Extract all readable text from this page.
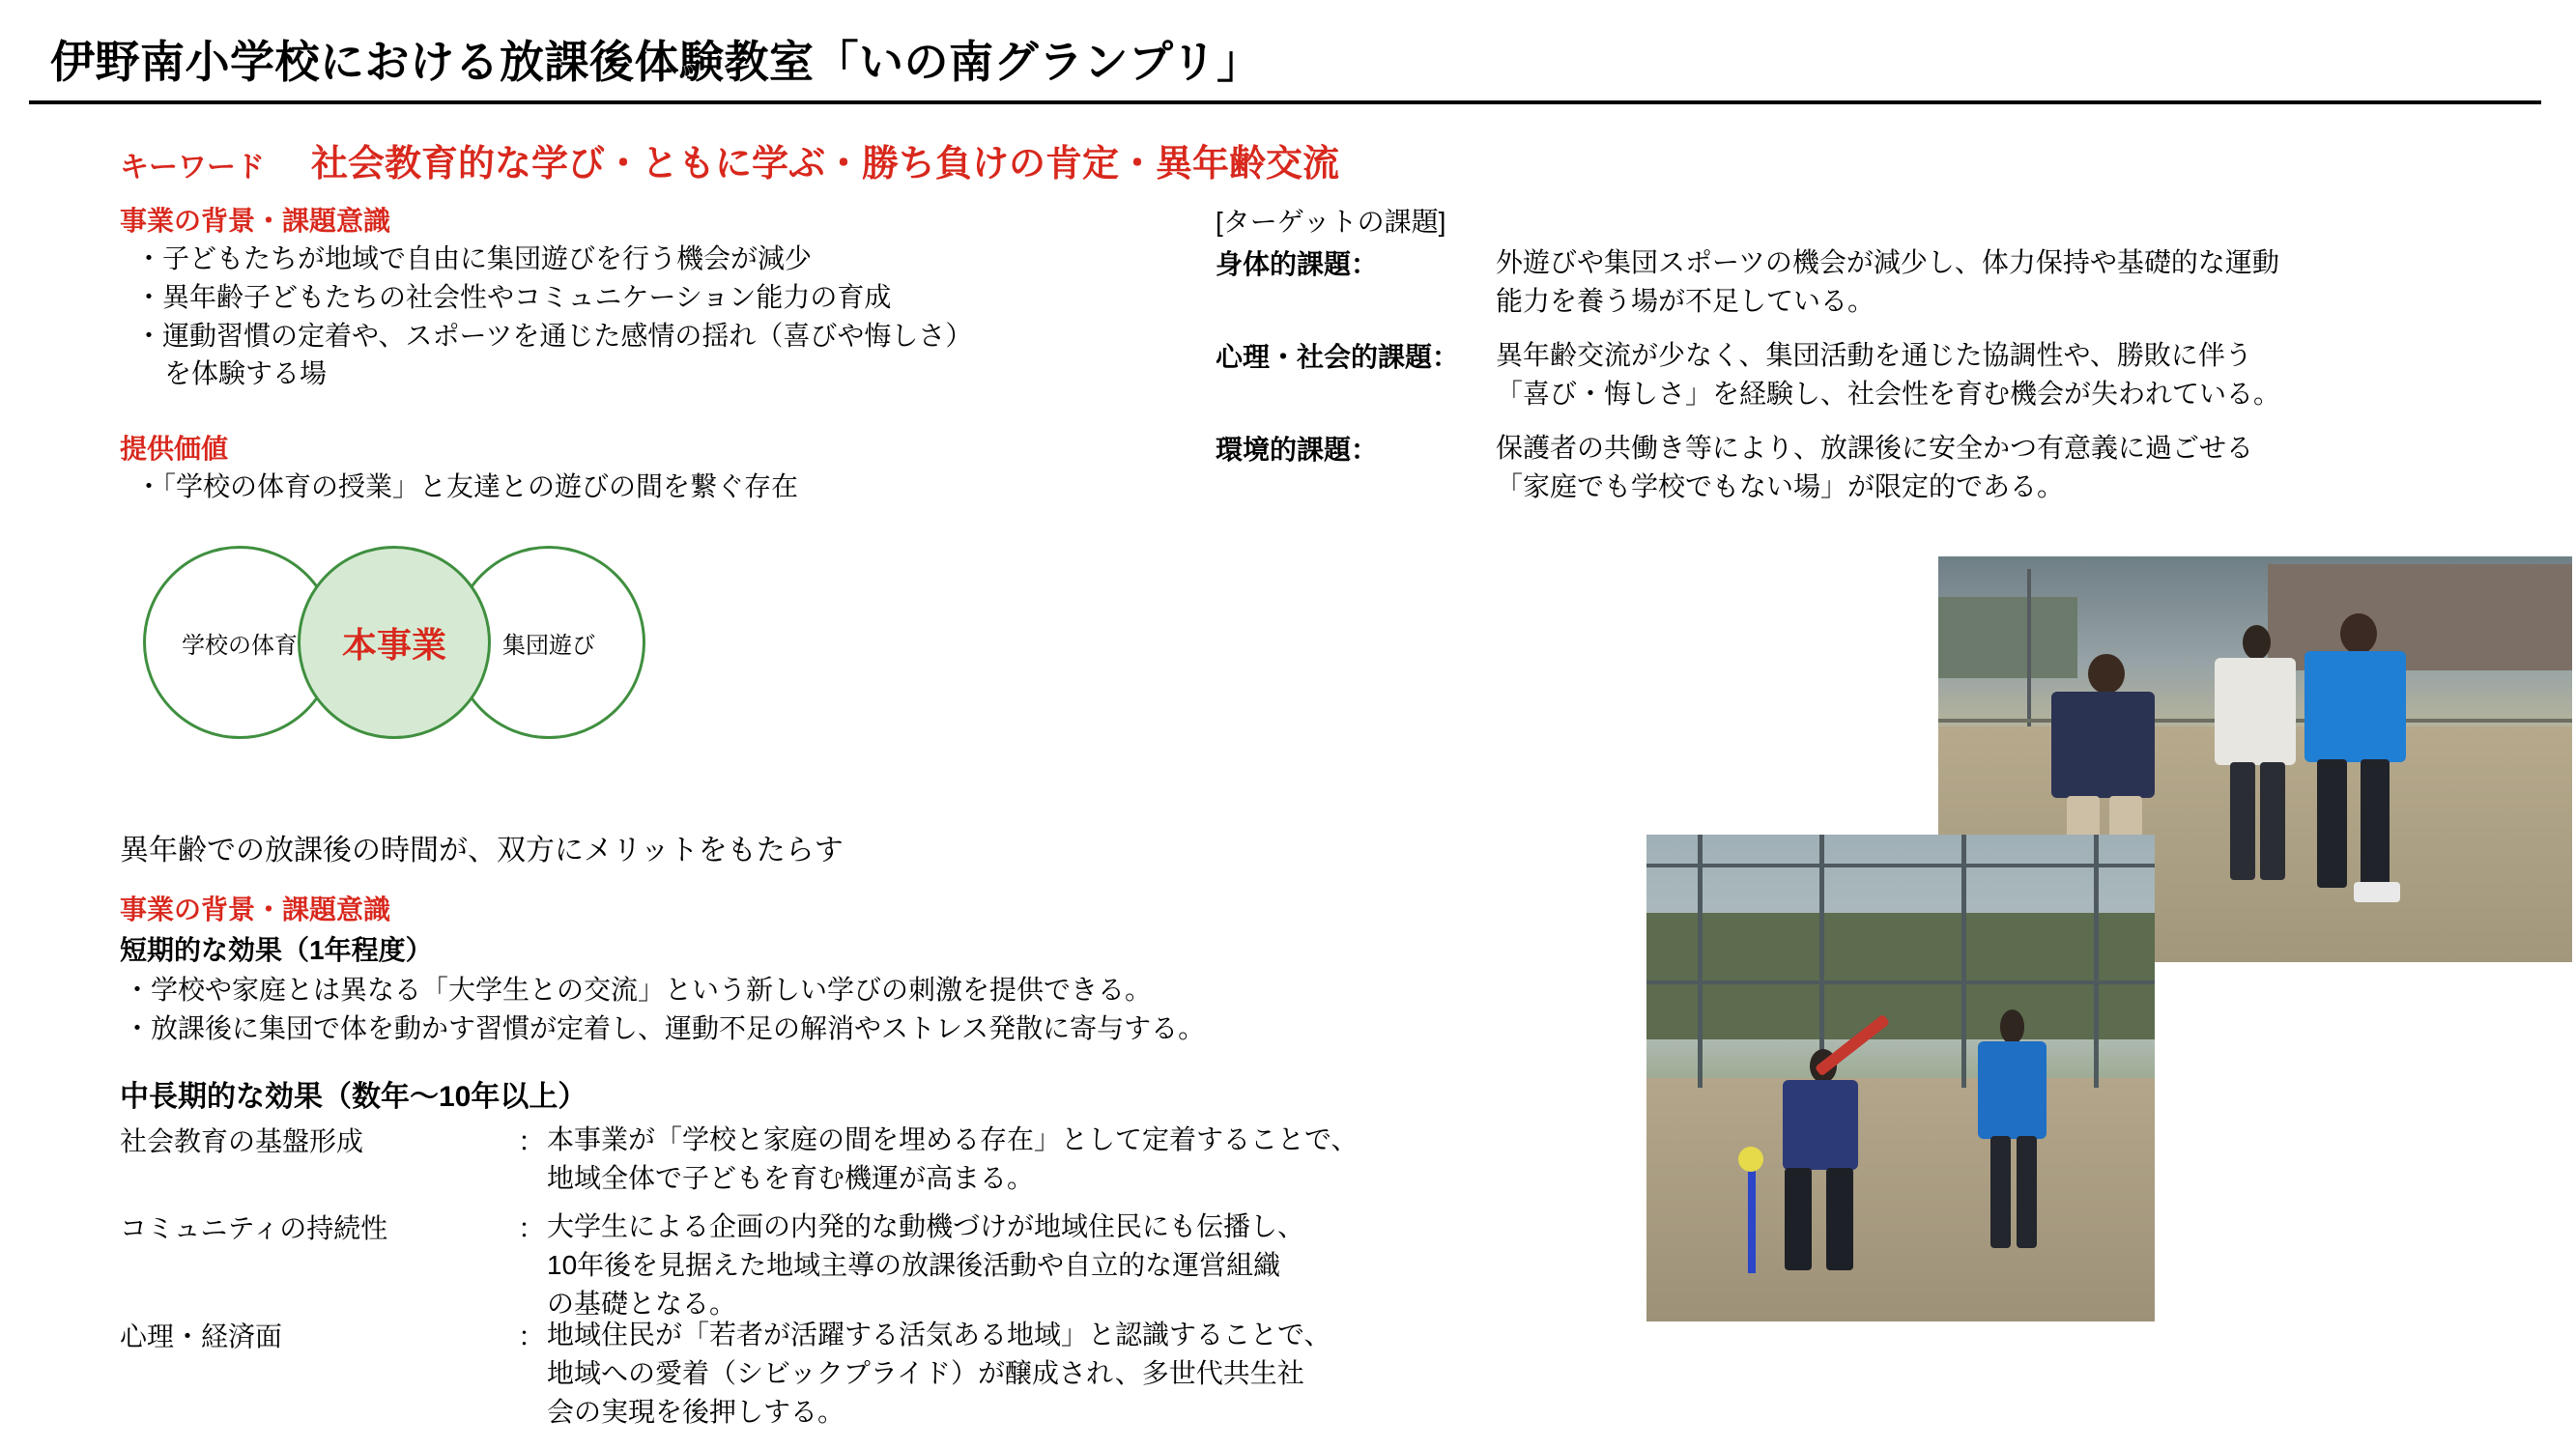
伊野南小学校における放課後体験教室「いの南グランプリ」
キーワード 社会教育的な学び・ともに学ぶ・勝ち負けの肯定・異年齢交流
事業の背景・課題意識
・子どもたちが地域で自由に集団遊びを行う機会が減少
・異年齢子どもたちの社会性やコミュニケーション能力の育成
・運動習慣の定着や、スポーツを通じた感情の揺れ（喜びや悔しさ）
を体験する場
提供価値
・「学校の体育の授業」と友達との遊びの間を繋ぐ存在
学校の体育	集団遊び
本事業
異年齢での放課後の時間が、双方にメリットをもたらす
事業の背景・課題意識
短期的な効果（1年程度）
・学校や家庭とは異なる「大学生との交流」という新しい学びの刺激を提供できる。
・放課後に集団で体を動かす習慣が定着し、運動不足の解消やストレス発散に寄与する。
中長期的な効果（数年〜10年以上）
社会教育の基盤形成	： 本事業が「学校と家庭の間を埋める存在」として定着することで、
地域全体で子どもを育む機運が高まる。
コミュニティの持続性	： 大学生による企画の内発的な動機づけが地域住民にも伝播し、
10年後を見据えた地域主導の放課後活動や自立的な運営組織
の基礎となる。
心理・経済面	： 地域住民が「若者が活躍する活気ある地域」と認識することで、
地域への愛着（シビックプライド）が醸成され、多世代共生社
会の実現を後押しする。
[ターゲットの課題]
身体的課題：	外遊びや集団スポーツの機会が減少し、体力保持や基礎的な運動
能力を養う場が不足している。
心理・社会的課題： 異年齢交流が少なく、集団活動を通じた協調性や、勝敗に伴う
「喜び・悔しさ」を経験し、社会性を育む機会が失われている。
環境的課題：	保護者の共働き等により、放課後に安全かつ有意義に過ごせる
「家庭でも学校でもない場」が限定的である。
